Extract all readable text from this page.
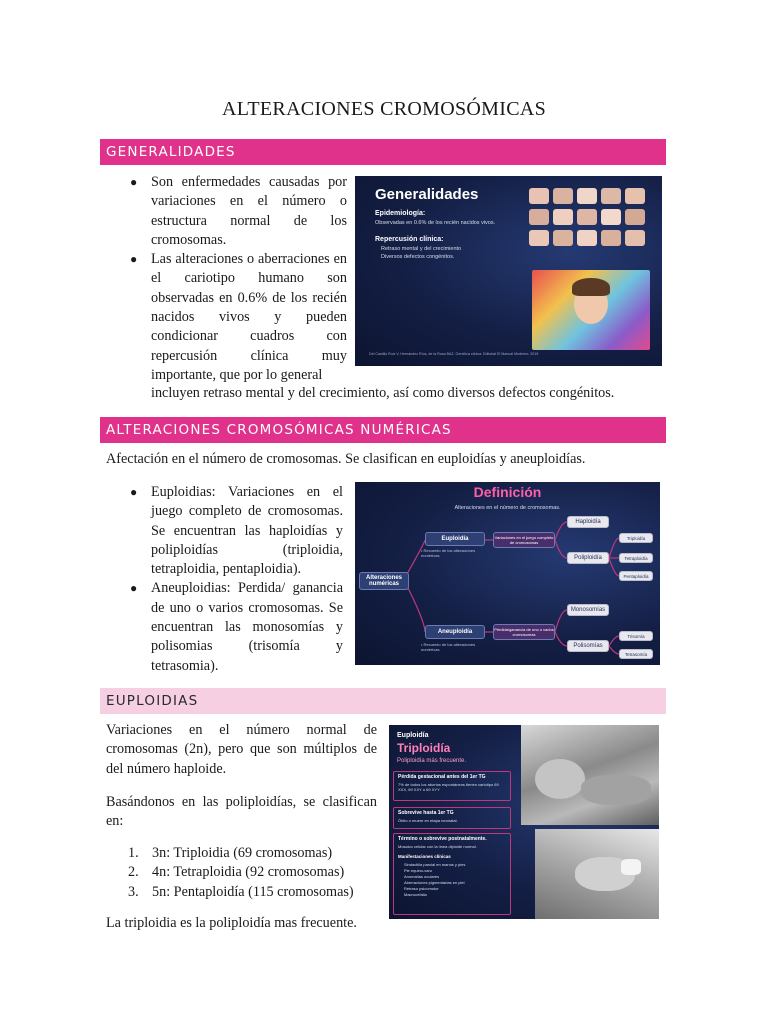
ALTERACIONES CROMOSÓMICAS
GENERALIDADES
● Son enfermedades causadas por variaciones en el número o estructura normal de los cromosomas.
● Las alteraciones o aberraciones en el cariotipo humano son observadas en 0.6% de los recién nacidos vivos y pueden condicionar cuadros con repercusión clínica muy importante, que por lo general
incluyen retraso mental y del crecimiento, así como diversos defectos congénitos.
Generalidades
Epidemiología:
Observadas en 0.6% de los recién nacidos vivos.
Repercusión clínica:
Retraso mental y del crecimiento
Diversos defectos congénitos.
Del Castillo Ruiz V, Hernández Ríos, de la Rosa BAZ. Genética clínica. Editorial El Manual Moderno; 2019.
ALTERACIONES CROMOSÓMICAS NUMÉRICAS
Afectación en el número de cromosomas. Se clasifican en euploidías y aneuploidías.
● Euploidias: Variaciones en el juego completo de cromosomas. Se encuentran las haploidías y poliploidías (triploidia, tetraploidia, pentaploidia).
● Aneuploidias: Perdida/ ganancia de uno o varios cromosomas. Se encuentran las monosomías y polisomias (trisomía y tetrasomia).
Definición
Alteraciones en el número de cromosomas.
Alteraciones numéricas
Euploidía
• Recuento de los alteraciones numéricas
Variaciones en el juego completo de cromosomas
Haploidía
Poliploidía
Triploidía
Tetraploidía
Pentaploidía
Aneuploidía
• Recuento de los alteraciones numéricas
Pérdida/ganancia de uno o varios cromosomas
Monosomías
Polisomías
Trisomía
Tetrasomía
EUPLOIDIAS
Variaciones en el número normal de cromosomas (2n), pero que son múltiplos de del número haploide.
Basándonos en las poliploidías, se clasifican en:
1. 3n: Triploidia (69 cromosomas)
2. 4n: Tetraploidia (92 cromosomas)
3. 5n: Pentaploidía (115 cromosomas)
La triploidia es la poliploidía mas frecuente.
Euploidía
Triploidía
Poliploidía más frecuente.
Pérdida gestacional antes del 1er TG
7% de todos los abortos espontáneos tienen cariotipo 69 XXX, 69 XXY o 69 XYY
Sobrevive hasta 1er TG
Óbito o muere en etapa neonatal.
Término o sobrevive postnatalmente.
Mosaico celular con la línea diploide normal.
Manifestaciones clínicas
Sindactilia parcial en manos y pies
Pie equino-varo
Anomalías oculares
Aberraciones pigmentarias en piel
Retraso psicomotor
Macrocefalia
